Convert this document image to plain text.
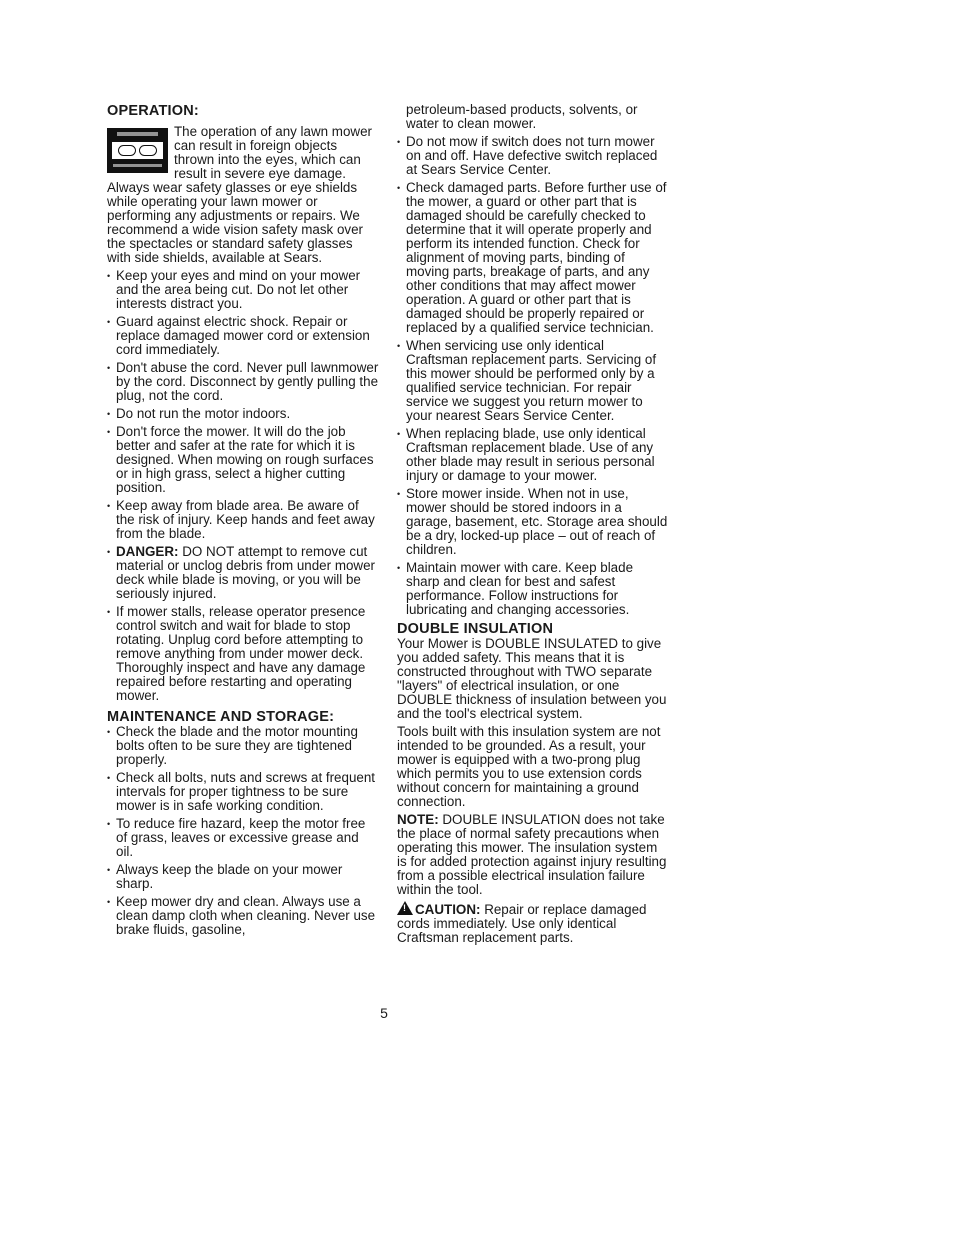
OPERATION:

The operation of any lawn mower can result in foreign objects thrown into the eyes, which can result in severe eye damage. Always wear safety glasses or eye shields while operating your lawn mower or performing any adjustments or repairs. We recommend a wide vision safety mask over the spectacles or standard safety glasses with side shields, available at Sears.

• Keep your eyes and mind on your mower and the area being cut. Do not let other interests distract you.
• Guard against electric shock. Repair or replace damaged mower cord or extension cord immediately.
• Don't abuse the cord. Never pull lawnmower by the cord. Disconnect by gently pulling the plug, not the cord.
• Do not run the motor indoors.
• Don't force the mower. It will do the job better and safer at the rate for which it is designed. When mowing on rough surfaces or in high grass, select a higher cutting position.
• Keep away from blade area. Be aware of the risk of injury. Keep hands and feet away from the blade.
• DANGER: DO NOT attempt to remove cut material or unclog debris from under mower deck while blade is moving, or you will be seriously injured.
• If mower stalls, release operator presence control switch and wait for blade to stop rotating. Unplug cord before attempting to remove anything from under mower deck. Thoroughly inspect and have any damage repaired before restarting and operating mower.
MAINTENANCE AND STORAGE:
• Check the blade and the motor mounting bolts often to be sure they are tightened properly.
• Check all bolts, nuts and screws at frequent intervals for proper tightness to be sure mower is in safe working condition.
• To reduce fire hazard, keep the motor free of grass, leaves or excessive grease and oil.
• Always keep the blade on your mower sharp.
• Keep mower dry and clean. Always use a clean damp cloth when cleaning. Never use brake fluids, gasoline,
petroleum-based products, solvents, or water to clean mower.
• Do not mow if switch does not turn mower on and off. Have defective switch replaced at Sears Service Center.
• Check damaged parts. Before further use of the mower, a guard or other part that is damaged should be carefully checked to determine that it will operate properly and perform its intended function. Check for alignment of moving parts, binding of moving parts, breakage of parts, and any other conditions that may affect mower operation. A guard or other part that is damaged should be properly repaired or replaced by a qualified service technician.
• When servicing use only identical Craftsman replacement parts. Servicing of this mower should be performed only by a qualified service technician. For repair service we suggest you return mower to your nearest Sears Service Center.
• When replacing blade, use only identical Craftsman replacement blade. Use of any other blade may result in serious personal injury or damage to your mower.
• Store mower inside. When not in use, mower should be stored indoors in a garage, basement, etc. Storage area should be a dry, locked-up place – out of reach of children.
• Maintain mower with care. Keep blade sharp and clean for best and safest performance. Follow instructions for lubricating and changing accessories.
DOUBLE INSULATION

Your Mower is DOUBLE INSULATED to give you added safety. This means that it is constructed throughout with TWO separate "layers" of electrical insulation, or one DOUBLE thickness of insulation between you and the tool's electrical system.

Tools built with this insulation system are not intended to be grounded. As a result, your mower is equipped with a two-prong plug which permits you to use extension cords without concern for maintaining a ground connection.

NOTE: DOUBLE INSULATION does not take the place of normal safety precautions when operating this mower. The insulation system is for added protection against injury resulting from a possible electrical insulation failure within the tool.

!CAUTION: Repair or replace damaged cords immediately. Use only identical Craftsman replacement parts.

5
